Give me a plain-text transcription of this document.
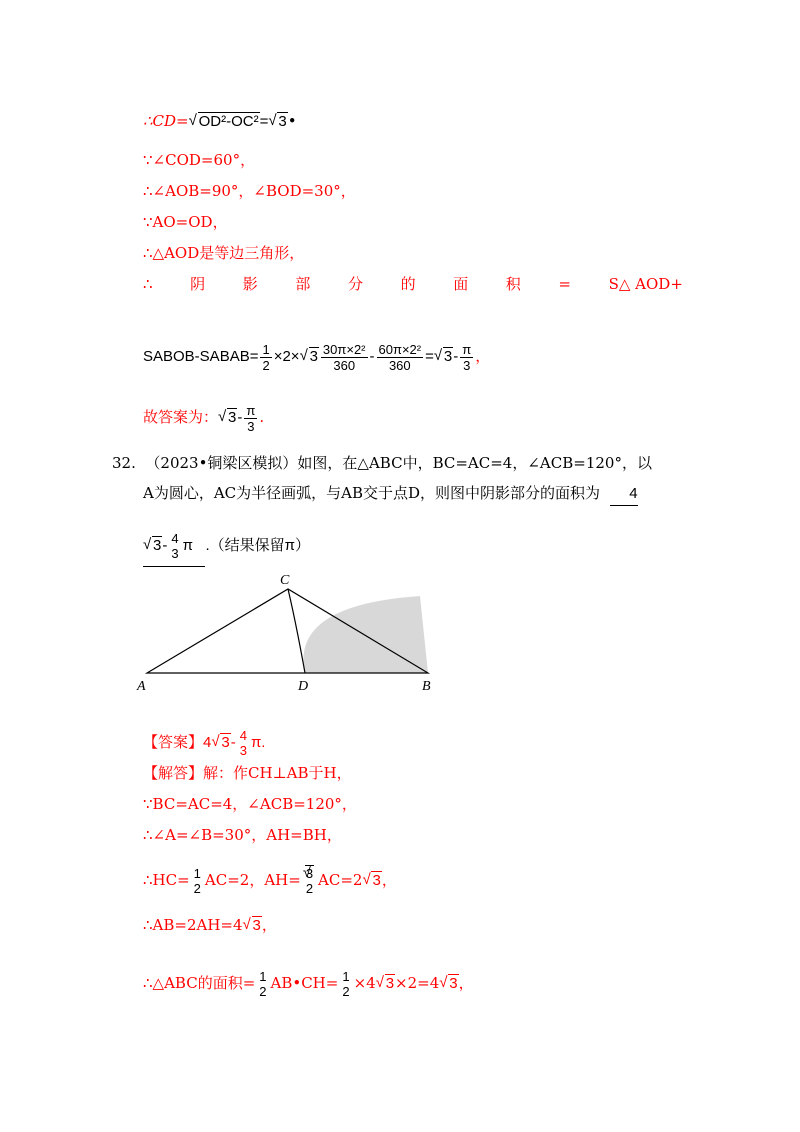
∴CD=√ OD²-OC²=√ 3•
∵∠COD=60°，
∴∠AOB=90°，∠BOD=30°，
∵AO=OD，
∴△AOD是等边三角形，
∴	阴	影	部	分	的	面	积	=	S△ AOD+
SABOB-SABAB= $\frac{1}{2} \times 2\times√$ $3 \frac{\text{30π×2²}}{360} - \frac{\text{60π×2²}}{360}$ =√ $3- \frac{\pi}{3}$ ，
故答案为：√ $3- \frac{\pi}{3}$ .
32. （2023•铜梁区模拟）如图，在△ABC中，BC=AC=4，∠ACB=120°，以
A为圆心，AC为半径画弧，与AB交于点D，则图中阴影部分的面积为 4
√ 3- 4
3 π .（结果保留π）
A	B
C
D
【答案】4√ 3- 4
3 π.
【解答】解：作CH⊥AB于H，
∵BC=AC=4，∠ACB=120°，
∴∠A=∠B=30°，AH=BH，
∴HC= 1
2 AC=2，AH=
√ 3
2 AC=2√ 3，
∴AB=2AH=4√ 3，
∴△ABC的面积= 1
2 AB•CH= 1
2 ×4√ 3×2=4√ 3，
